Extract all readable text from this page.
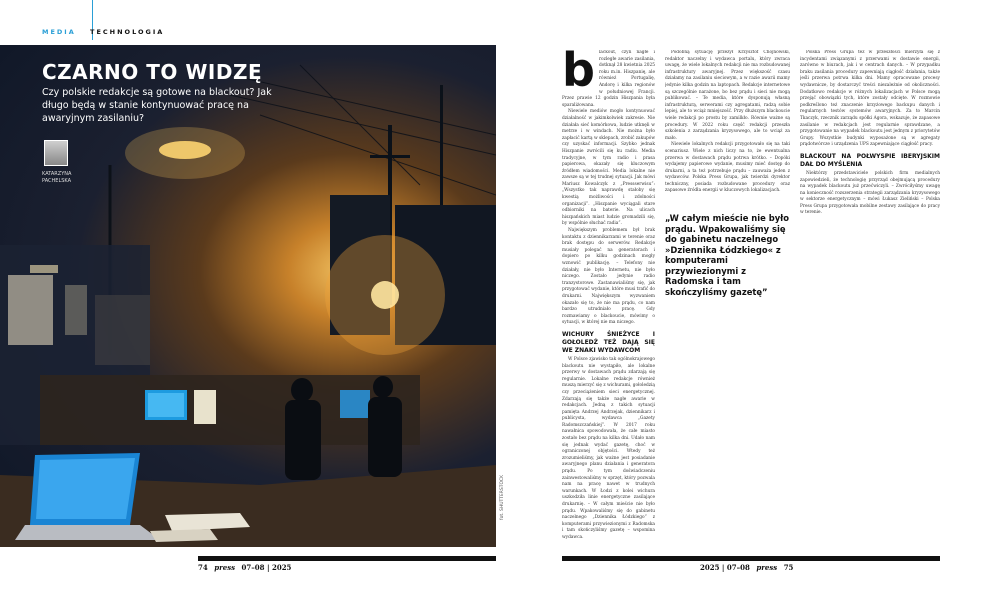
MEDIA TECHNOLOGIA
CZARNO TO WIDZĘ
Czy polskie redakcje są gotowe na blackout? Jak długo będą w stanie kontynuować pracę na awaryjnym zasilaniu?
KATARZYNA PACHELSKA
74 press 07–08 | 2025
fot. SHUTTERSTOCK
b lackout, czyli nagłe i rozległe awarie zasilania, dotknął 28 kwietnia 2025 roku m.in. Hiszpanię, ale również Portugalię, Andorę i kilka regionów w południowej Francji. Przez prawie 12 godzin Hiszpania była sparaliżowana.

Niewiele mediów mogło kontynuować działalność w jakimkolwiek zakresie. Nie działała sieć komórkowa, ludzie utknęli w metrze i w windach. Nie można było zapłacić kartą w sklepach, zrobić zakupów czy uzyskać informacji. Szybko jednak Hiszpanie zwrócili się ku radiu. Media tradycyjne, w tym radio i prasa papierowa, okazały się kluczowym źródłem wiadomości. Media lokalne nie zawsze są w tej trudnej sytuacji. Jak mówi Mariusz Kowalczyk z „Pressserwisu”: „Wszystko tak naprawdę stałoby się kwestią możliwości i zdolności organizacji”. „Hiszpanie wyciągali stare odbiorniki na baterie. Na ulicach hiszpańskich miast ludzie gromadzili się, by wspólnie słuchać radia”.

Największym problemem był brak kontaktu z dziennikarzami w terenie oraz brak dostępu do serwerów. Redakcje musiały polegać na generatorach i dopiero po kilku godzinach mogły wznowić publikację. – Telefony nie działały, nie było Internetu, nie było niczego. Zostało jedynie radio tranzystorowe. Zastanawialiśmy się, jak przygotować wydanie, które musi trafić do drukarni. Największym wyzwaniem okazało się to, że nie ma prądu, co nam bardzo utrudniało pracę. Gdy rozmawiamy o blackoucie, mówimy o sytuacji, w której nie ma niczego.

WICHURY ŚNIEŻYCE I GOŁOLEDŹ TEŻ DAJĄ SIĘ WE ZNAKI WYDAWCOM

W Polsce zjawisko tak ogólnokrajowego blackoutu nie wystąpiło, ale lokalne przerwy w dostawach prądu zdarzają się regularnie. Lokalne redakcje również muszą mierzyć się z wichurami, gołoledzią czy przeciążeniem sieci energetycznej. Zdarzają się także nagłe awarie w redakcjach. Jedną z takich sytuacji pamięta Andrzej Andrzejak, dziennikarz i publicysta, wydawca „Gazety Radomszczańskiej”. W 2017 roku nawałnica spowodowała, że całe miasto zostało bez prądu na kilka dni. Udało nam się jednak wydać gazetę, choć w ograniczonej objętości. Wtedy też zrozumieliśmy, jak ważne jest posiadanie awaryjnego planu działania i generatora prądu. Po tym doświadczeniu zainwestowaliśmy w sprzęt, który pozwala nam na pracę nawet w trudnych warunkach. W Łodzi z kolei wichura uszkodziła linie energetyczne zasilające drukarnię. – W całym mieście nie było prądu. Wpakowaliśmy się do gabinetu naczelnego „Dziennika Łódzkiego” z komputerami przywiezionymi z Radomska i tam skończyliśmy gazetę – wspomina wydawca.

Podobną sytuację przeżył Krzysztof Chojnowski, redaktor naczelny i wydawca portalu, który zwraca uwagę, że wiele lokalnych redakcji nie ma rozbudowanej infrastruktury awaryjnej. Przez większość czasu działamy na zasilaniu sieciowym, a w razie awarii mamy jedynie kilka godzin na laptopach. Redakcje internetowe są szczególnie narażone, bo bez prądu i sieci nie mogą publikować. – Te media, które dysponują własną infrastrukturą, serwerami czy agregatami, radzą sobie lepiej, ale to wciąż mniejszość. Przy dłuższym blackoucie wiele redakcji po prostu by zamilkło. Równie ważne są procedury. W 2022 roku część redakcji przeszła szkolenia z zarządzania kryzysowego, ale to wciąż za mało.

Niewiele lokalnych redakcji przygotowało się na taki scenariusz. Wiele z nich liczy na to, że ewentualna przerwa w dostawach prądu potrwa krótko. – Dopóki wydajemy papierowe wydanie, musimy mieć dostęp do drukarni, a ta też potrzebuje prądu – zauważa jeden z wydawców. Polska Press Grupa, jak twierdzi dyrektor techniczny, posiada rozbudowane procedury oraz zapasowe źródła energii w kluczowych lokalizacjach.

„W całym mieście nie było prądu. Wpakowaliśmy się do gabinetu naczelnego »Dziennika Łódzkiego« z komputerami przywiezionymi z Radomska i tam skończyliśmy gazetę”

Polska Press Grupa też w przeszłości mierzyła się z incydentami związanymi z przerwami w dostawie energii, zarówno w biurach, jak i w centrach danych. – W przypadku braku zasilania procedury zapewniają ciągłość działania, także jeśli przerwa potrwa kilka dni. Mamy opracowane procesy wydawnicze, by dostarczyć treści niezależnie od okoliczności. Dodatkowo redakcje w różnych lokalizacjach w Polsce mogą przejąć obowiązki tych, które zostały odcięte. W rozmowie podkreślono też znaczenie krzyżowego backupu danych i regularnych testów systemów awaryjnych. Za to Marcin Tkaczyk, rzecznik zarządu spółki Agora, wskazuje, że zapasowe zasilanie w redakcjach jest regularnie sprawdzane, a przygotowanie na wypadek blackoutu jest jednym z priorytetów Grupy. Wszystkie budynki wyposażone są w agregaty prądotwórcze i urządzenia UPS zapewniające ciągłość pracy.

BLACKOUT NA POŁWYSPIE IBERYJSKIM DAŁ DO MYŚLENIA

Niektórzy przedstawiciele polskich firm medialnych zapowiedzieli, że technologię przyrząd obejmującą procedury na wypadek blackoutu już przećwiczyli. – Zwróciłyśmy uwagę na konieczność rozszerzenia strategii zarządzania kryzysowego w sektorze energetycznym – mówi Łukasz Zieliński – Polska Press Grupa przygotowała mobilne zestawy zasilające do pracy w terenie.

2025 | 07–08 press 75
